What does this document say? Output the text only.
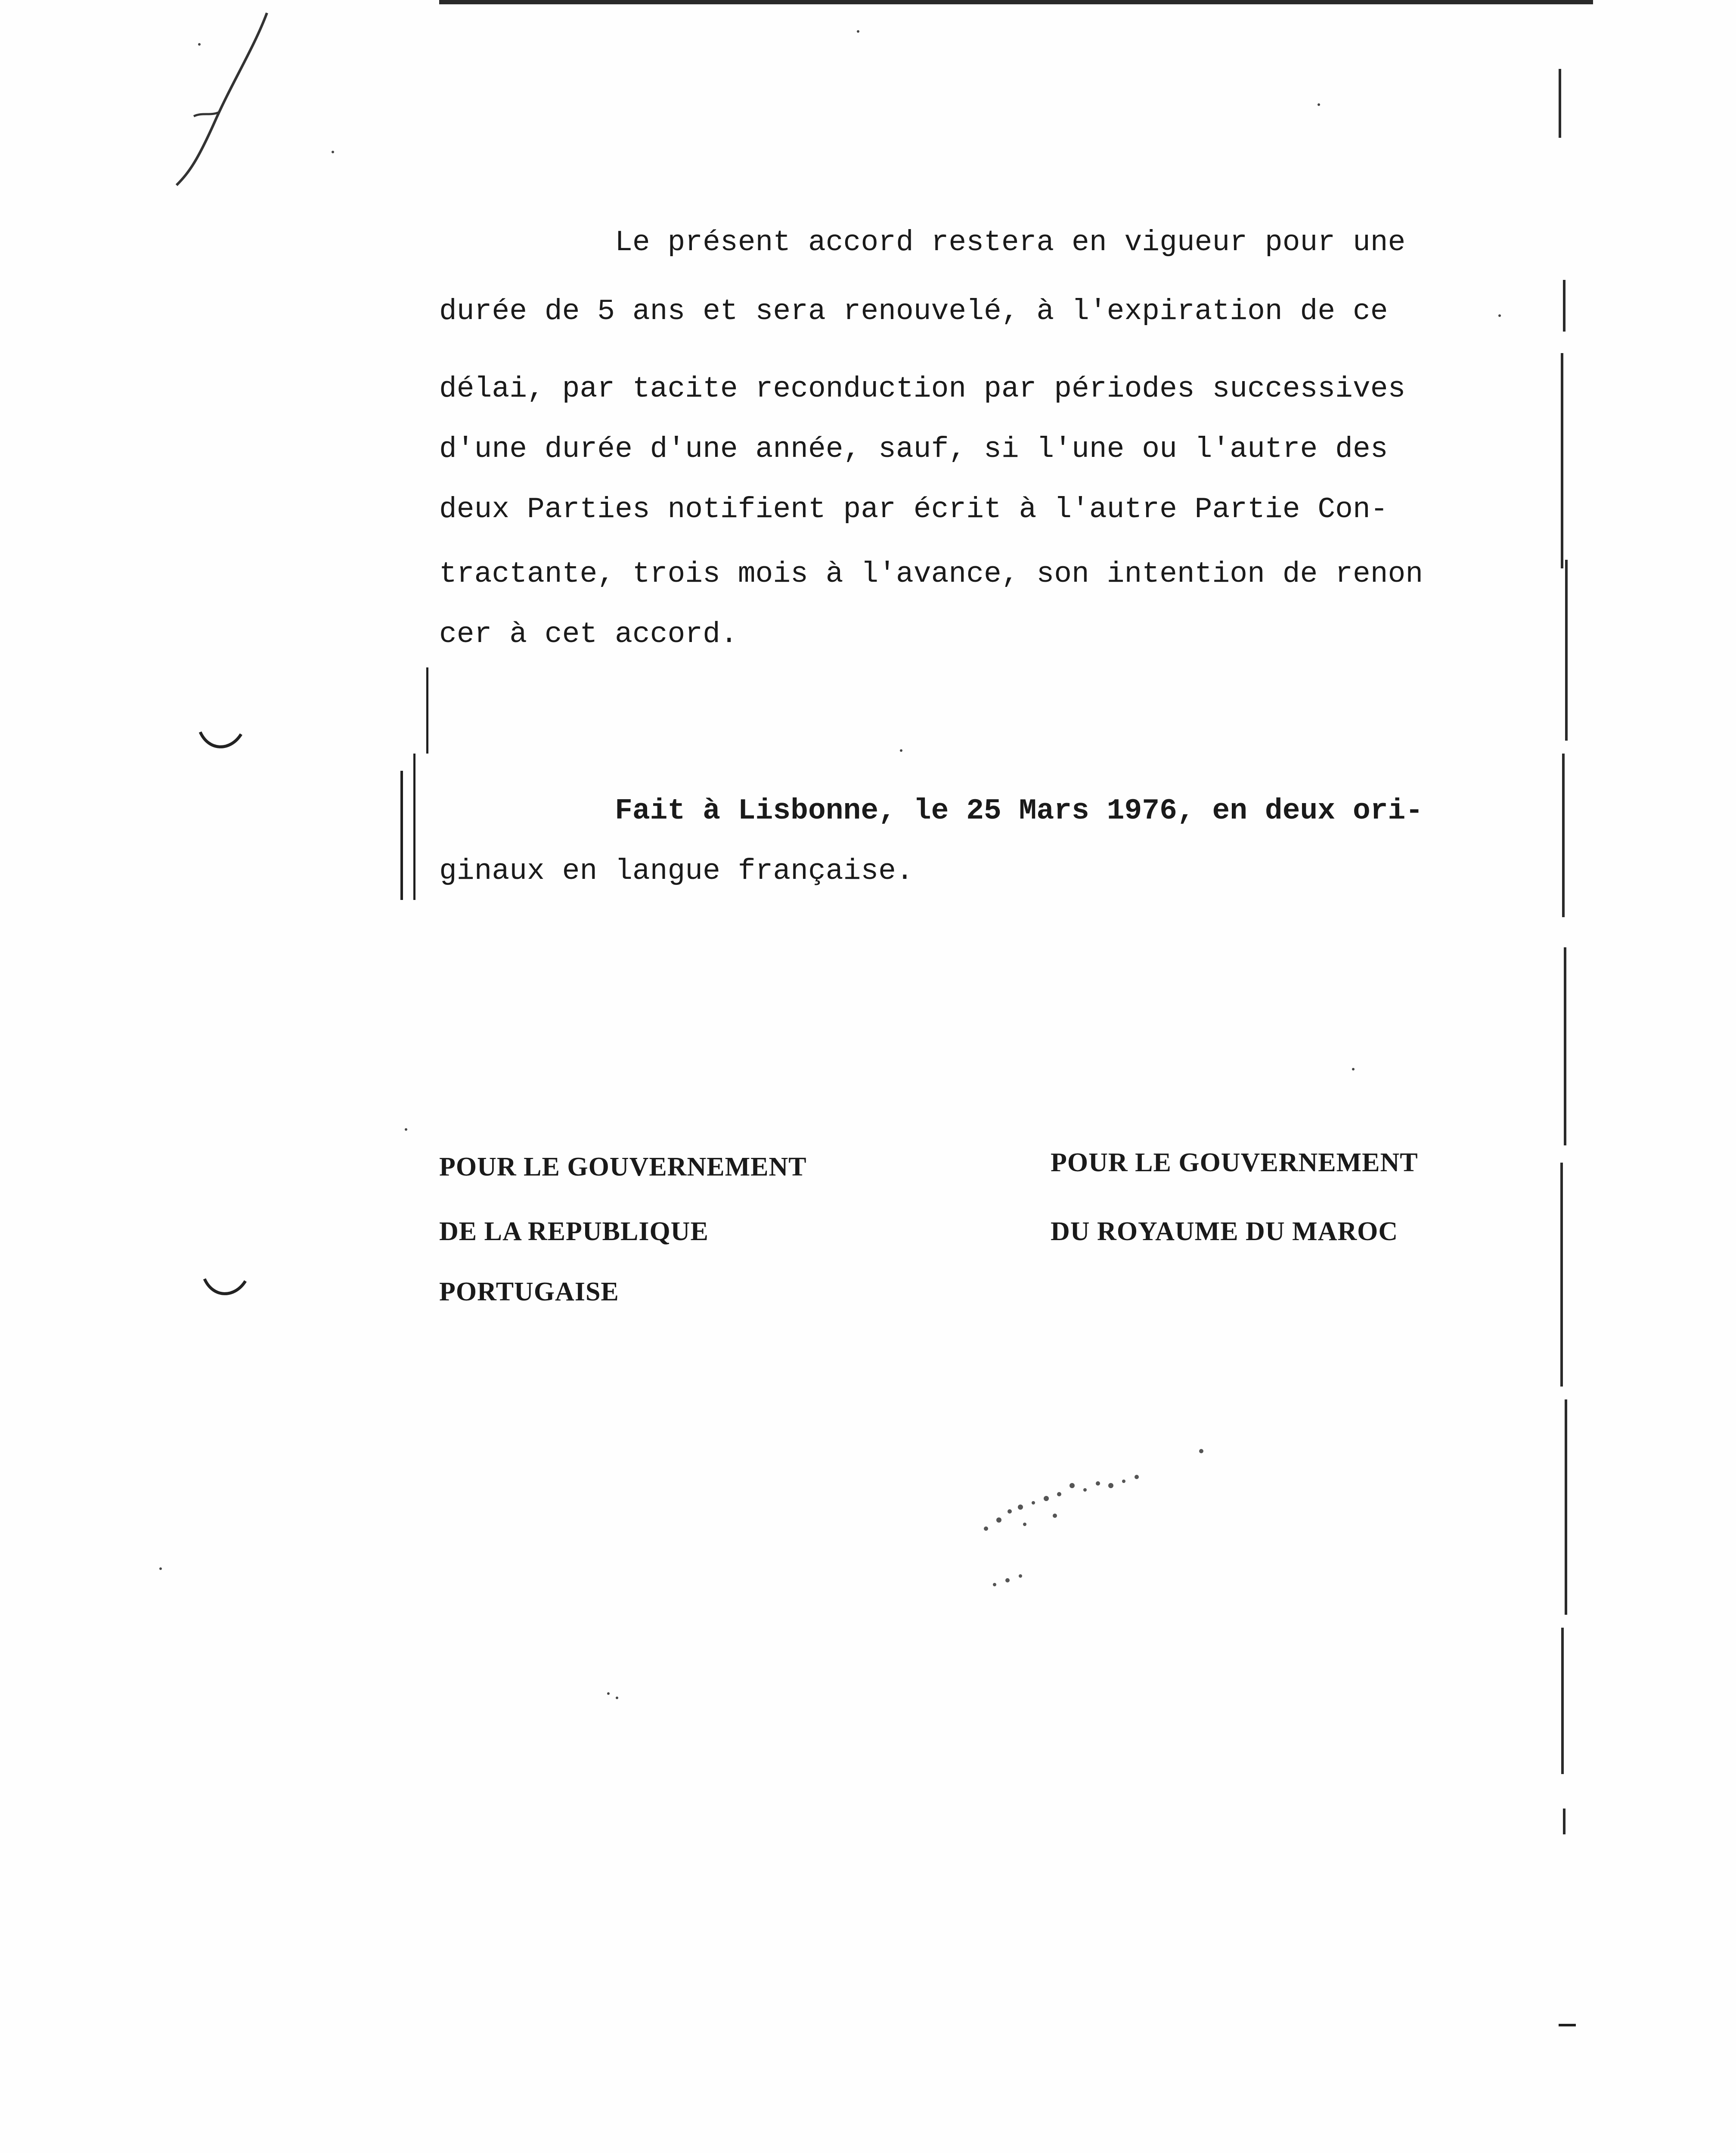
Le présent accord restera en vigueur pour une
durée de 5 ans et sera renouvelé, à l'expiration de ce
délai, par tacite reconduction par périodes successives
d'une durée d'une année, sauf, si l'une ou l'autre des
deux Parties notifient par écrit à l'autre Partie Con-
tractante, trois mois à l'avance, son intention de renon
cer à cet accord.
Fait à Lisbonne, le 25 Mars 1976, en deux ori-
ginaux en langue française.
POUR LE GOUVERNEMENT
DE LA REPUBLIQUE
PORTUGAISE
POUR LE GOUVERNEMENT
DU ROYAUME DU MAROC
